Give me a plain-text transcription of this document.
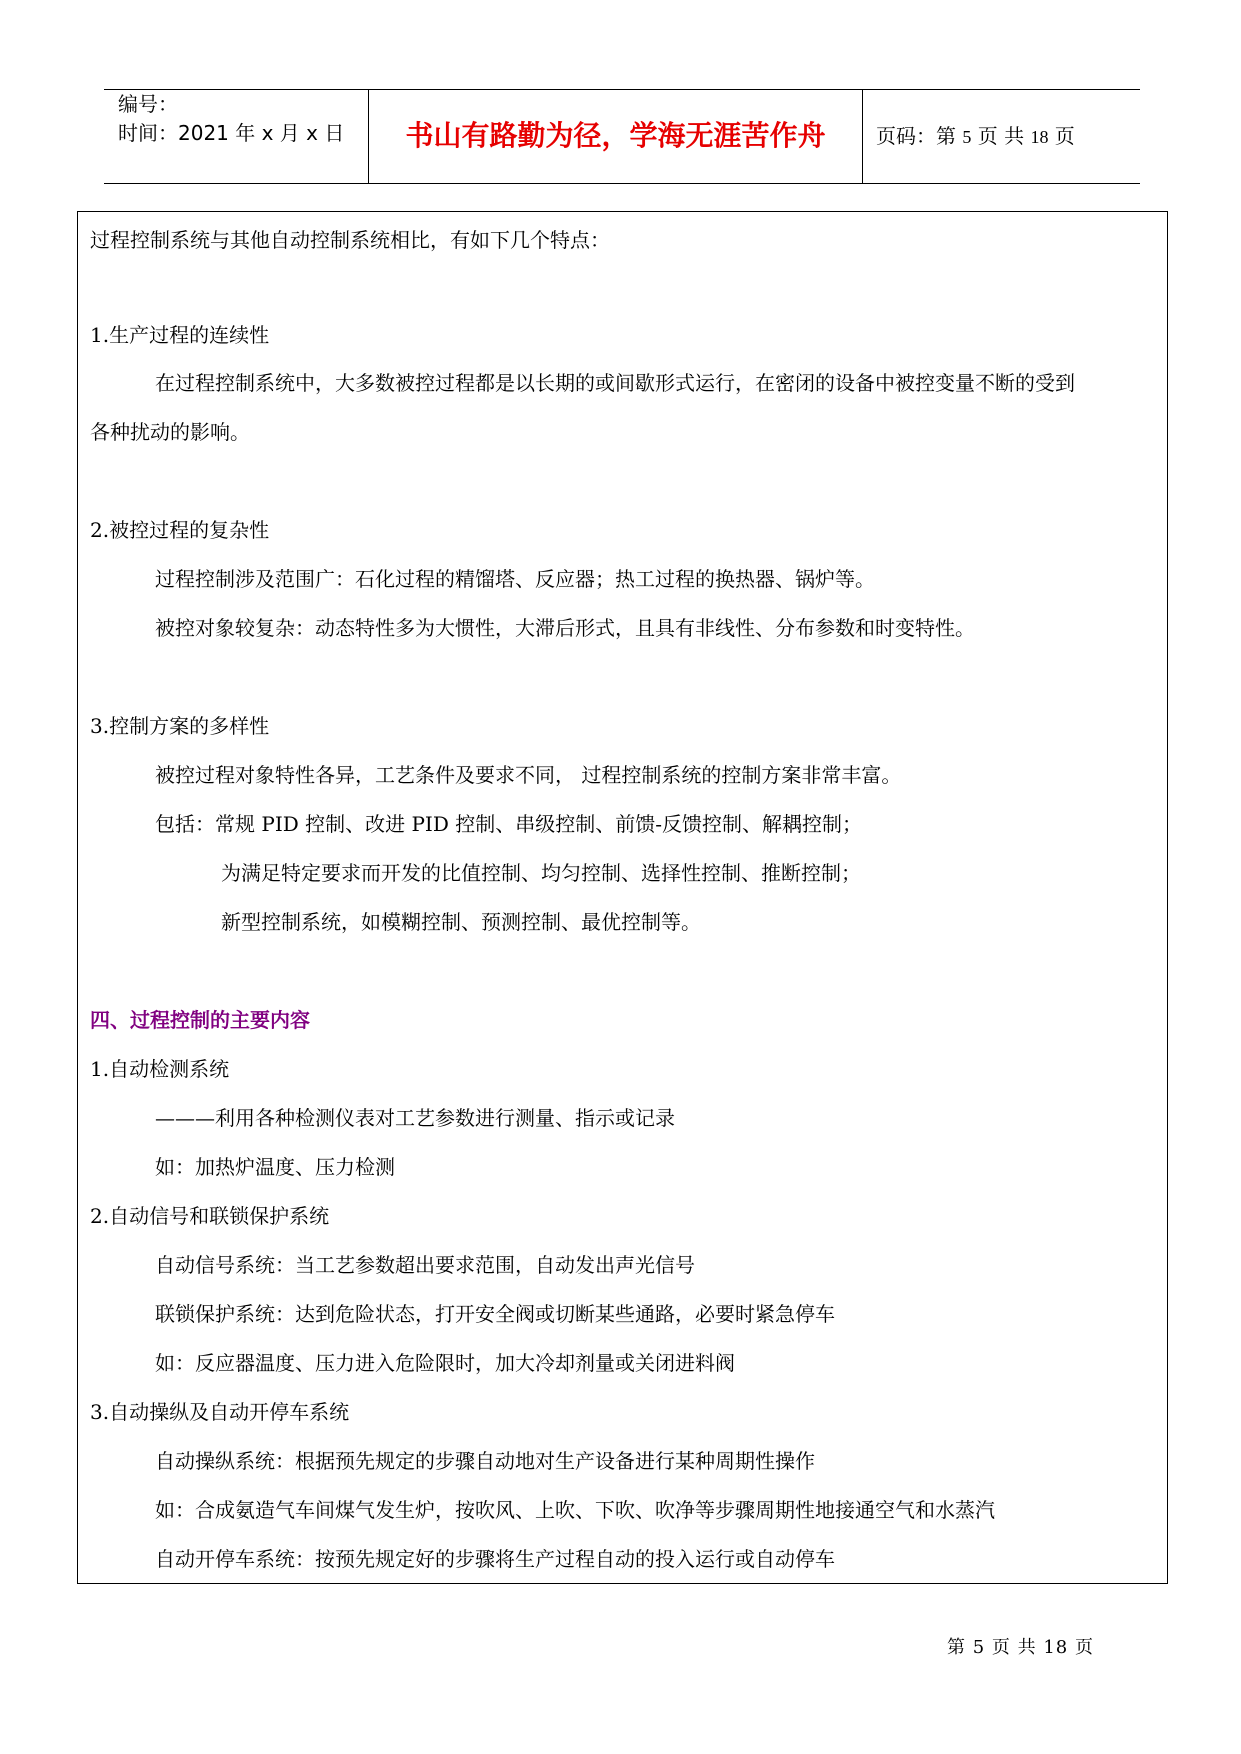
编号：
时间：2021 年 x 月 x 日	书山有路勤为径，学海无涯苦作舟	页码：第 5 页 共 18 页
过程控制系统与其他自动控制系统相比，有如下几个特点：
1.生产过程的连续性
在过程控制系统中，大多数被控过程都是以长期的或间歇形式运行，在密闭的设备中被控变量不断的受到
各种扰动的影响。
2.被控过程的复杂性
过程控制涉及范围广：石化过程的精馏塔、反应器；热工过程的换热器、锅炉等。
被控对象较复杂：动态特性多为大惯性，大滞后形式，且具有非线性、分布参数和时变特性。
3.控制方案的多样性
被控过程对象特性各异，工艺条件及要求不同， 过程控制系统的控制方案非常丰富。
包括：常规 PID 控制、改进 PID 控制、串级控制、前馈-反馈控制、解耦控制；
为满足特定要求而开发的比值控制、均匀控制、选择性控制、推断控制；
新型控制系统，如模糊控制、预测控制、最优控制等。
四、过程控制的主要内容
1.自动检测系统
———利用各种检测仪表对工艺参数进行测量、指示或记录
如：加热炉温度、压力检测
2.自动信号和联锁保护系统
自动信号系统：当工艺参数超出要求范围，自动发出声光信号
联锁保护系统：达到危险状态，打开安全阀或切断某些通路，必要时紧急停车
如：反应器温度、压力进入危险限时，加大冷却剂量或关闭进料阀
3.自动操纵及自动开停车系统
自动操纵系统：根据预先规定的步骤自动地对生产设备进行某种周期性操作
如：合成氨造气车间煤气发生炉，按吹风、上吹、下吹、吹净等步骤周期性地接通空气和水蒸汽
自动开停车系统：按预先规定好的步骤将生产过程自动的投入运行或自动停车
第 5 页 共 18 页
